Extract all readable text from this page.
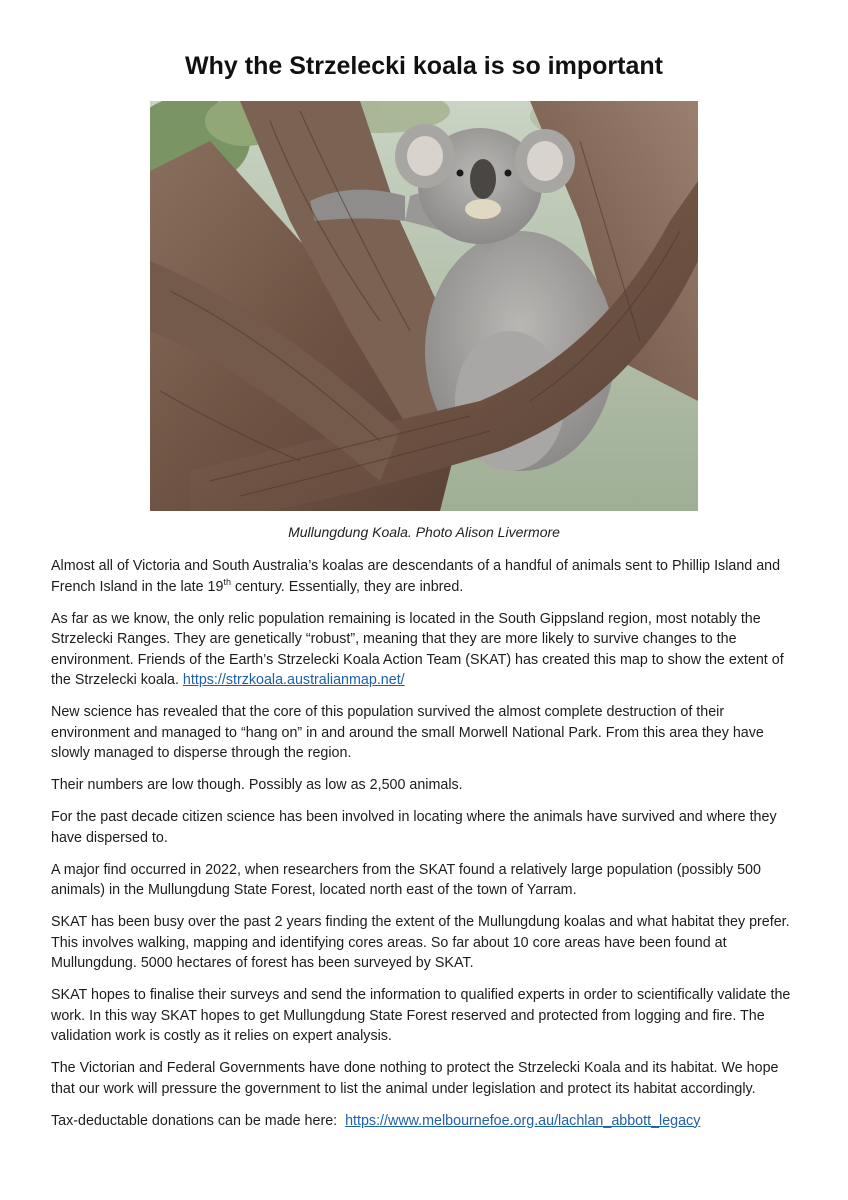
Why the Strzelecki koala is so important
Mullungdung Koala. Photo Alison Livermore

Almost all of Victoria and South Australia’s koalas are descendants of a handful of animals sent to Phillip Island and French Island in the late 19th century. Essentially, they are inbred.

As far as we know, the only relic population remaining is located in the South Gippsland region, most notably the Strzelecki Ranges. They are genetically “robust”, meaning that they are more likely to survive changes to the environment. Friends of the Earth’s Strzelecki Koala Action Team (SKAT) has created this map to show the extent of the Strzelecki koala. https://strzkoala.australianmap.net/

New science has revealed that the core of this population survived the almost complete destruction of their environment and managed to “hang on” in and around the small Morwell National Park. From this area they have slowly managed to disperse through the region.

Their numbers are low though. Possibly as low as 2,500 animals.

For the past decade citizen science has been involved in locating where the animals have survived and where they have dispersed to.

A major find occurred in 2022, when researchers from the SKAT found a relatively large population (possibly 500 animals) in the Mullungdung State Forest, located north east of the town of Yarram.

SKAT has been busy over the past 2 years finding the extent of the Mullungdung koalas and what habitat they prefer. This involves walking, mapping and identifying cores areas. So far about 10 core areas have been found at Mullungdung. 5000 hectares of forest has been surveyed by SKAT.

SKAT hopes to finalise their surveys and send the information to qualified experts in order to scientifically validate the work. In this way SKAT hopes to get Mullungdung State Forest reserved and protected from logging and fire. The validation work is costly as it relies on expert analysis.

The Victorian and Federal Governments have done nothing to protect the Strzelecki Koala and its habitat. We hope that our work will pressure the government to list the animal under legislation and protect its habitat accordingly.

Tax-deductable donations can be made here:  https://www.melbournefoe.org.au/lachlan_abbott_legacy
